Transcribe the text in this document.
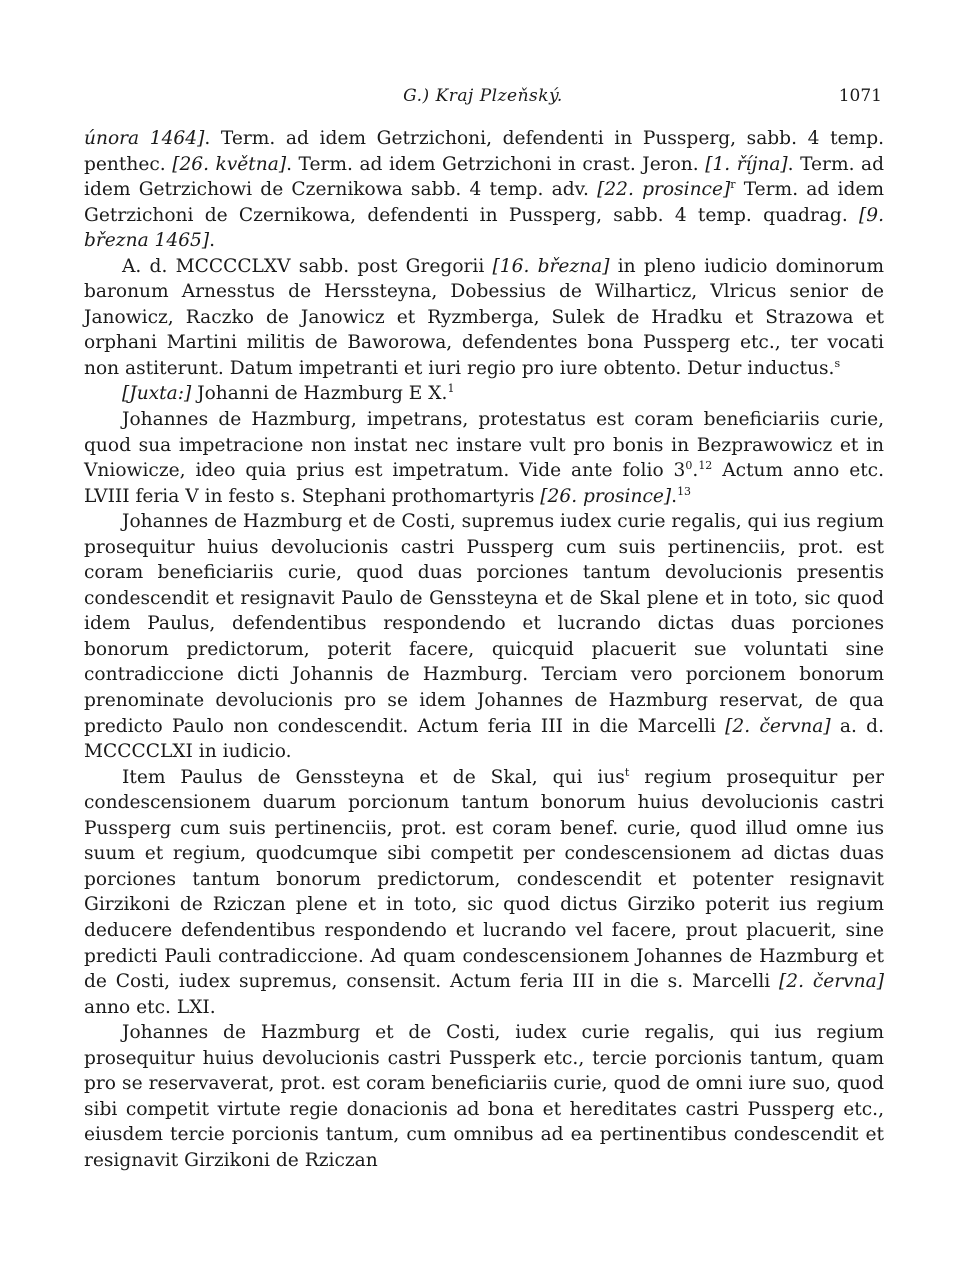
G.) Kraj Plzeňský.	1071

února 1464]. Term. ad idem Getrzichoni, defendenti in Pussperg, sabb. 4 temp. penthec. [26. května]. Term. ad idem Getrzichoni in crast. Jeron. [1. října]. Term. ad idem Getrzichowi de Czernikowa sabb. 4 temp. adv. [22. prosince]$^r$ Term. ad idem Getrzichoni de Czernikowa, defendenti in Pussperg, sabb. 4 temp. quadrag. [9. března 1465].

A. d. MCCCCLXV sabb. post Gregorii [16. března] in pleno iudicio dominorum baronum Arnesstus de Herssteyna, Dobessius de Wilharticz, Vlricus senior de Janowicz, Raczko de Janowicz et Ryzmberga, Sulek de Hradku et Strazowa et orphani Martini militis de Baworowa, defendentes bona Pussperg etc., ter vocati non astiterunt. Datum impetranti et iuri regio pro iure obtento. Detur inductus.$^s$

[Juxta:] Johanni de Hazmburg E X.$^1$

Johannes de Hazmburg, impetrans, protestatus est coram beneficiariis curie, quod sua impetracione non instat nec instare vult pro bonis in Bezprawowicz et in Vniowicze, ideo quia prius est impetratum. Vide ante folio $3^0.^{12}$ Actum anno etc. LVIII feria V in festo s. Stephani prothomartyris [26. prosince].$^{13}$

Johannes de Hazmburg et de Costi, supremus iudex curie regalis, qui ius regium prosequitur huius devolucionis castri Pussperg cum suis pertinenciis, prot. est coram beneficiariis curie, quod duas porciones tantum devolucionis presentis condescendit et resignavit Paulo de Genssteyna et de Skal plene et in toto, sic quod idem Paulus, defendentibus respondendo et lucrando dictas duas porciones bonorum predictorum, poterit facere, quicquid placuerit sue voluntati sine contradiccione dicti Johannis de Hazmburg. Terciam vero porcionem bonorum prenominate devolucionis pro se idem Johannes de Hazmburg reservat, de qua predicto Paulo non condescendit. Actum feria III in die Marcelli [2. června] a. d. MCCCCLXI in iudicio.

Item Paulus de Genssteyna et de Skal, qui ius$^t$ regium prosequitur per condescensionem duarum porcionum tantum bonorum huius devolucionis castri Pussperg cum suis pertinenciis, prot. est coram benef. curie, quod illud omne ius suum et regium, quodcumque sibi competit per condescensionem ad dictas duas porciones tantum bonorum predictorum, condescendit et potenter resignavit Girzikoni de Rziczan plene et in toto, sic quod dictus Girziko poterit ius regium deducere defendentibus respondendo et lucrando vel facere, prout placuerit, sine predicti Pauli contradiccione. Ad quam condescensionem Johannes de Hazmburg et de Costi, iudex supremus, consensit. Actum feria III in die s. Marcelli [2. června] anno etc. LXI.

Johannes de Hazmburg et de Costi, iudex curie regalis, qui ius regium prosequitur huius devolucionis castri Pussperk etc., tercie porcionis tantum, quam pro se reservaverat, prot. est coram beneficiariis curie, quod de omni iure suo, quod sibi competit virtute regie donacionis ad bona et hereditates castri Pussperg etc., eiusdem tercie porcionis tantum, cum omnibus ad ea pertinentibus condescendit et resignavit Girzikoni de Rziczan
